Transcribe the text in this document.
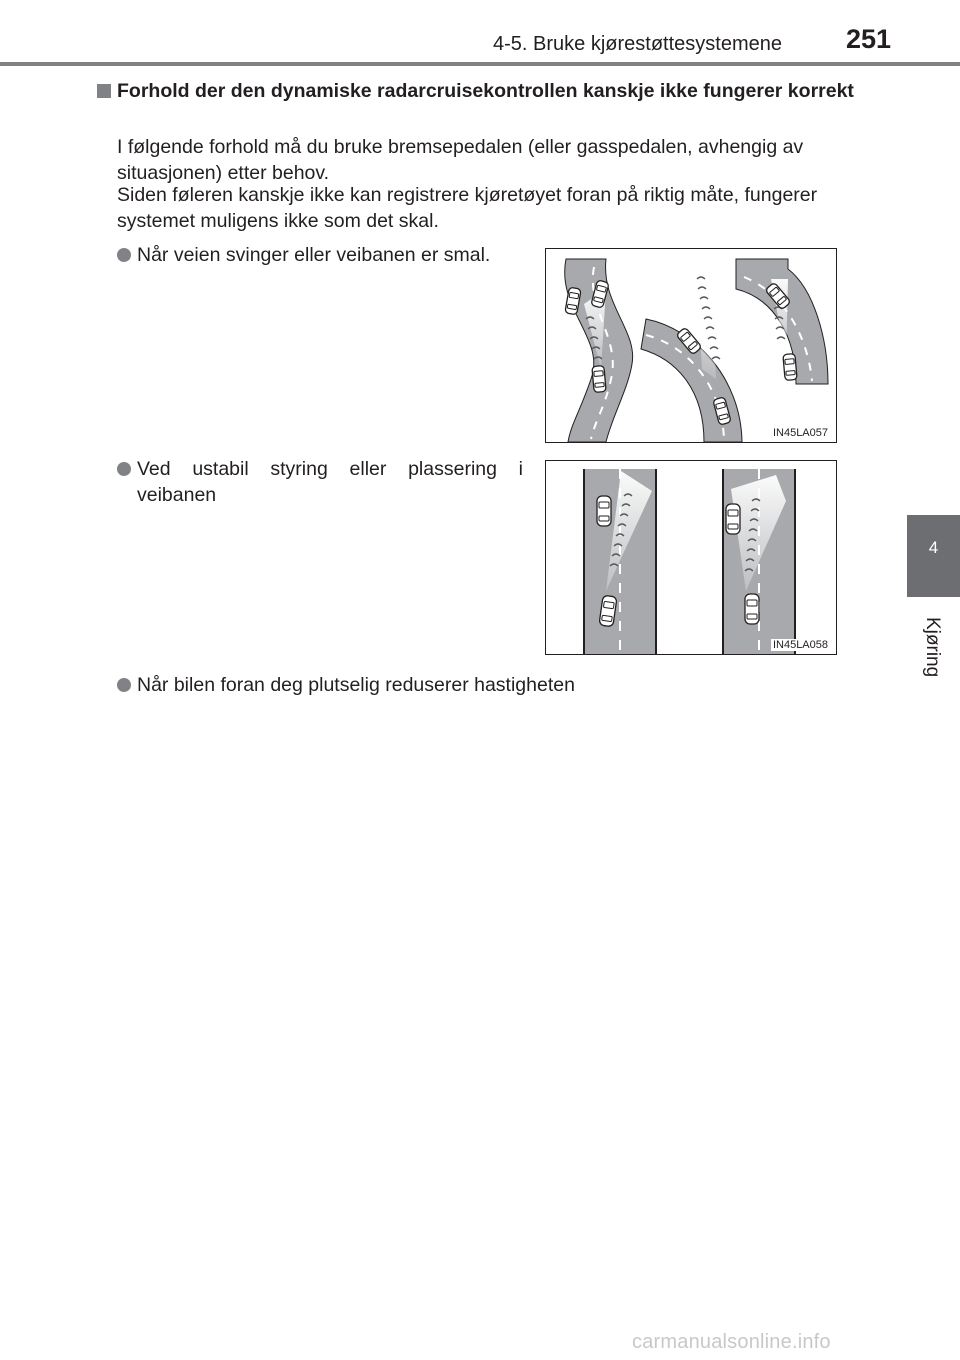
4-5. Bruke kjørestøttesystemene 251
4
Kjøring
Forhold der den dynamiske radarcruisekontrollen kanskje ikke fungerer korrekt
I følgende forhold må du bruke bremsepedalen (eller gasspedalen, avhengig av situasjonen) etter behov.
Siden føleren kanskje ikke kan registrere kjøretøyet foran på riktig måte, fungerer systemet muligens ikke som det skal.
Når veien svinger eller veibanen er smal.
IN45LA057
Ved ustabil styring eller plassering i veibanen
IN45LA058
Når bilen foran deg plutselig reduserer hastigheten
carmanualsonline.info
